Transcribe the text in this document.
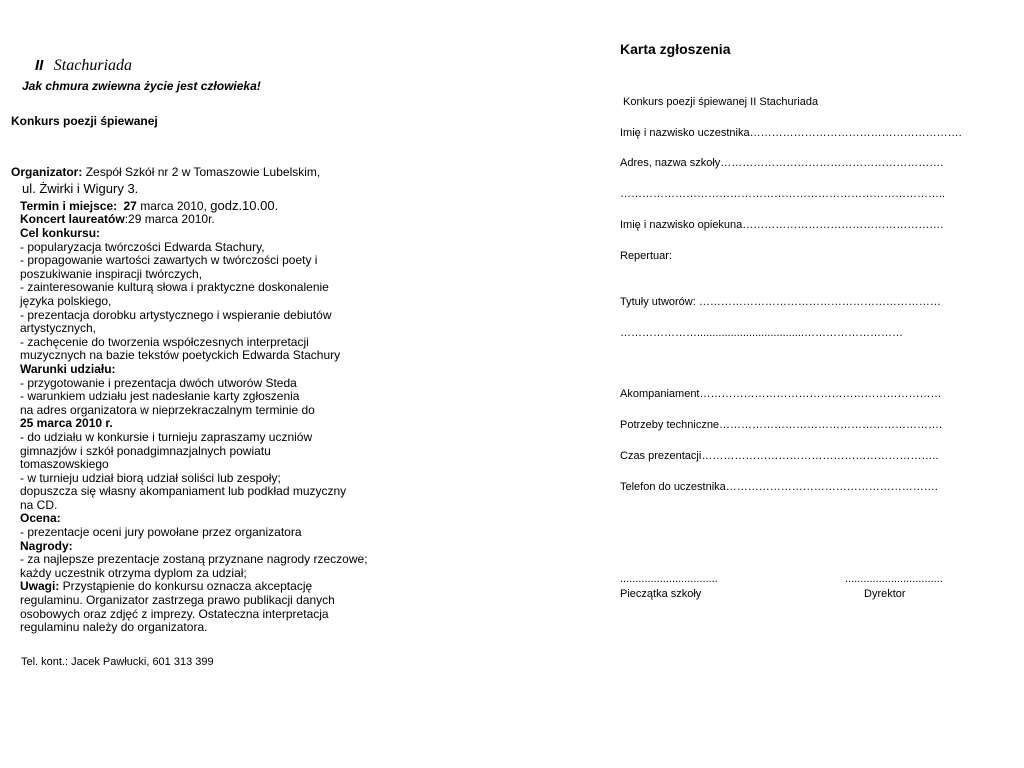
II Stachuriada
Jak chmura zwiewna życie jest człowieka!
Konkurs poezji śpiewanej
Organizator: Zespół Szkół nr 2 w Tomaszowie Lubelskim,
ul. Żwirki i Wigury 3.
Termin i miejsce: 27 marca 2010, godz.10.00.
Koncert laureatów:29 marca 2010r.
Cel konkursu:
- popularyzacja twórczości Edwarda Stachury,
- propagowanie wartości zawartych w twórczości poety i
poszukiwanie inspiracji twórczych,
- zainteresowanie kulturą słowa i praktyczne doskonalenie
języka polskiego,
- prezentacja dorobku artystycznego i wspieranie debiutów
artystycznych,
- zachęcenie do tworzenia współczesnych interpretacji
muzycznych na bazie tekstów poetyckich Edwarda Stachury
Warunki udziału:
- przygotowanie i prezentacja dwóch utworów Steda
- warunkiem udziału jest nadesłanie karty zgłoszenia
na adres organizatora w nieprzekraczalnym terminie do
25 marca 2010 r.
- do udziału w konkursie i turnieju zapraszamy uczniów
gimnazjów i szkół ponadgimnazjalnych powiatu
tomaszowskiego
- w turnieju udział biorą udział soliści lub zespoły;
dopuszcza się własny akompaniament lub podkład muzyczny
na CD.
Ocena:
- prezentacje oceni jury powołane przez organizatora
Nagrody:
- za najlepsze prezentacje zostaną przyznane nagrody rzeczowe;
każdy uczestnik otrzyma dyplom za udział;
Uwagi: Przystąpienie do konkursu oznacza akceptację
regulaminu. Organizator zastrzega prawo publikacji danych
osobowych oraz zdjęć z imprezy. Ostateczna interpretacja
regulaminu należy do organizatora.
Tel. kont.: Jacek Pawłucki, 601 313 399
Karta zgłoszenia
Konkurs poezji śpiewanej II Stachuriada
Imię i nazwisko uczestnika………………………………………………….
Adres, nazwa szkoły…………………………………………………….
……………………………………………………………………………..
Imię i nazwisko opiekuna……………………………………………….
Repertuar:
Tytuły utworów: …………………………………………………………
…………………...................................………………………
Akompaniament…………………………………………………………
Potrzeby techniczne…………………………………………………….
Czas prezentacji………………………………………………………..
Telefon do uczestnika………………………………………………….
................................	................................
Pieczątka szkoły	Dyrektor
